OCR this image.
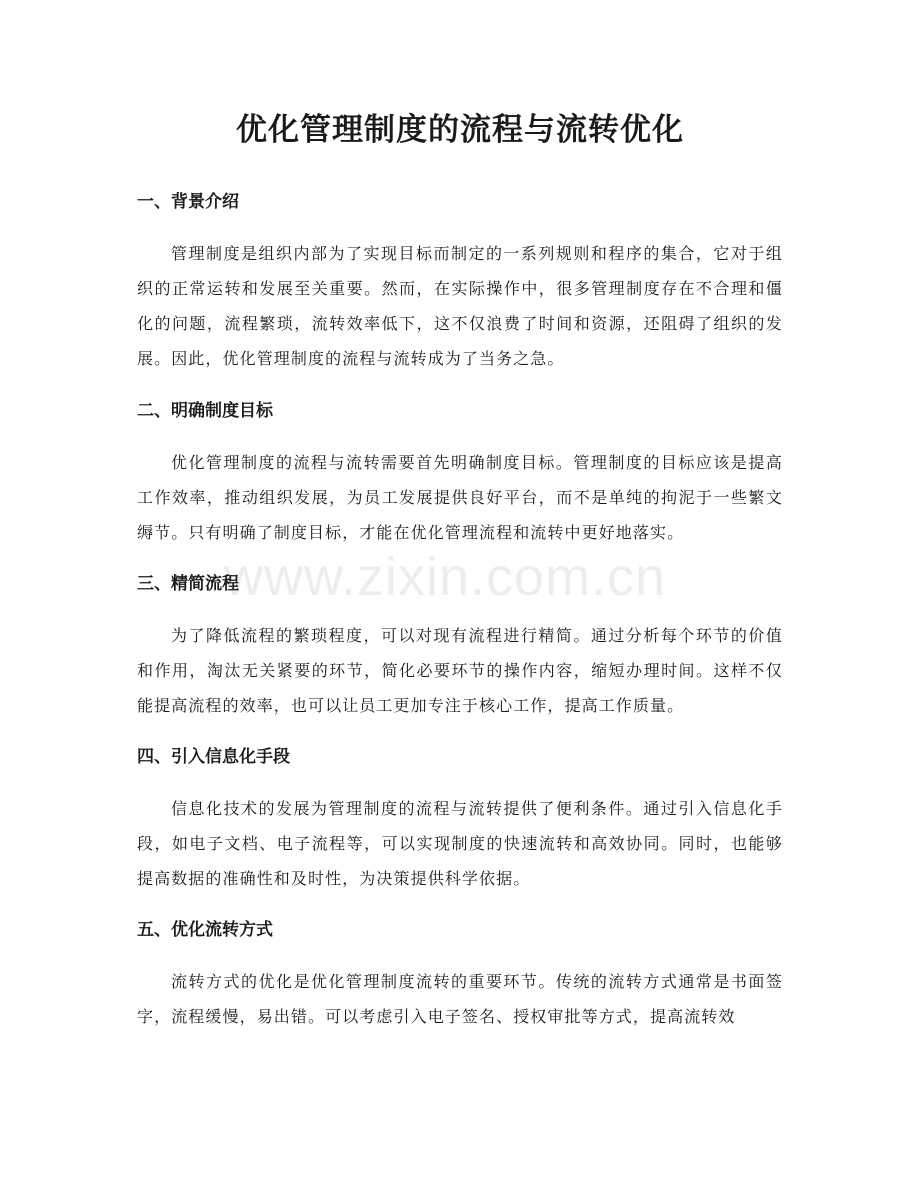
www.zixin.com.cn
优化管理制度的流程与流转优化
一、背景介绍

管理制度是组织内部为了实现目标而制定的一系列规则和程序的集合，它对于组织的正常运转和发展至关重要。然而，在实际操作中，很多管理制度存在不合理和僵化的问题，流程繁琐，流转效率低下，这不仅浪费了时间和资源，还阻碍了组织的发展。因此，优化管理制度的流程与流转成为了当务之急。

二、明确制度目标

优化管理制度的流程与流转需要首先明确制度目标。管理制度的目标应该是提高工作效率，推动组织发展，为员工发展提供良好平台，而不是单纯的拘泥于一些繁文缛节。只有明确了制度目标，才能在优化管理流程和流转中更好地落实。

三、精简流程

为了降低流程的繁琐程度，可以对现有流程进行精简。通过分析每个环节的价值和作用，淘汰无关紧要的环节，简化必要环节的操作内容，缩短办理时间。这样不仅能提高流程的效率，也可以让员工更加专注于核心工作，提高工作质量。

四、引入信息化手段

信息化技术的发展为管理制度的流程与流转提供了便利条件。通过引入信息化手段，如电子文档、电子流程等，可以实现制度的快速流转和高效协同。同时，也能够提高数据的准确性和及时性，为决策提供科学依据。

五、优化流转方式

流转方式的优化是优化管理制度流转的重要环节。传统的流转方式通常是书面签字，流程缓慢，易出错。可以考虑引入电子签名、授权审批等方式，提高流转效
